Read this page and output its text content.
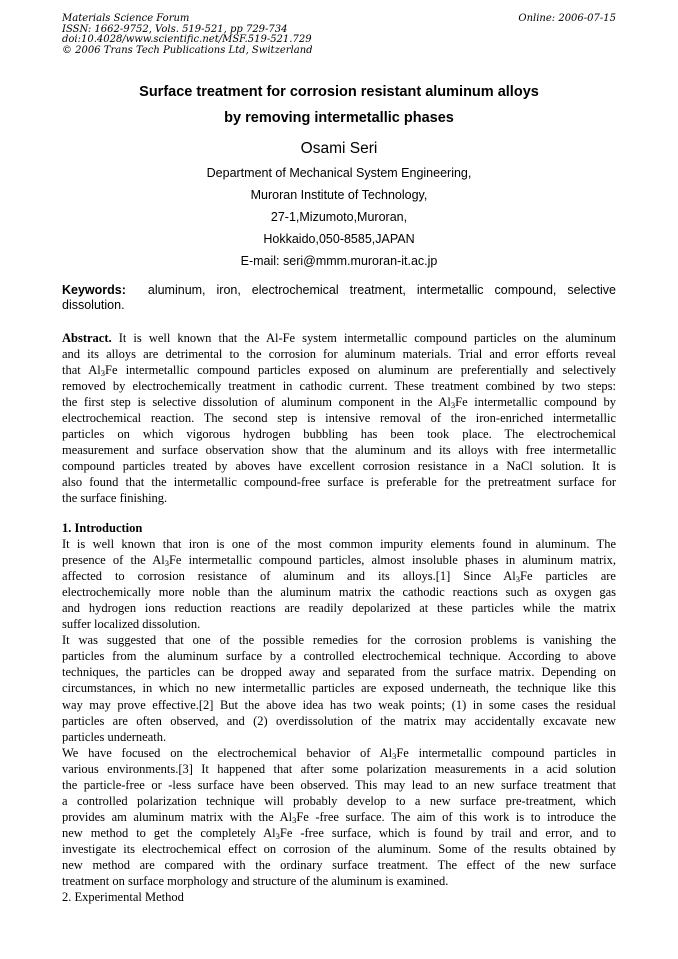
Materials Science Forum
ISSN: 1662-9752, Vols. 519-521, pp 729-734
doi:10.4028/www.scientific.net/MSF.519-521.729
© 2006 Trans Tech Publications Ltd, Switzerland
Online: 2006-07-15
Surface treatment for corrosion resistant aluminum alloys
by removing intermetallic phases
Osami Seri
Department of Mechanical System Engineering,
Muroran Institute of Technology,
27-1,Mizumoto,Muroran,
Hokkaido,050-8585,JAPAN
E-mail: seri@mmm.muroran-it.ac.jp
Keywords: aluminum, iron, electrochemical treatment, intermetallic compound, selective dissolution.
Abstract. It is well known that the Al-Fe system intermetallic compound particles on the aluminum
and its alloys are detrimental to the corrosion for aluminum materials. Trial and error efforts reveal
that $Al_3Fe$ intermetallic compound particles exposed on aluminum are preferentially and selectively
removed by electrochemically treatment in cathodic current. These treatment combined by two steps:
the first step is selective dissolution of aluminum component in the $Al_3Fe$ intermetallic compound by
electrochemical reaction. The second step is intensive removal of the iron-enriched intermetallic
particles on which vigorous hydrogen bubbling has been took place. The electrochemical
measurement and surface observation show that the aluminum and its alloys with free intermetallic
compound particles treated by aboves have excellent corrosion resistance in a NaCl solution. It is
also found that the intermetallic compound-free surface is preferable for the pretreatment surface for
the surface finishing.
1. Introduction
It is well known that iron is one of the most common impurity elements found in aluminum. The
presence of the $Al_3Fe$ intermetallic compound particles, almost insoluble phases in aluminum matrix,
affected to corrosion resistance of aluminum and its alloys.[1] Since $Al_3Fe$ particles are
electrochemically more noble than the aluminum matrix the cathodic reactions such as oxygen gas
and hydrogen ions reduction reactions are readily depolarized at these particles while the matrix
suffer localized dissolution.
It was suggested that one of the possible remedies for the corrosion problems is vanishing the
particles from the aluminum surface by a controlled electrochemical technique. According to above
techniques, the particles can be dropped away and separated from the surface matrix. Depending on
circumstances, in which no new intermetallic particles are exposed underneath, the technique like this
way may prove effective.[2] But the above idea has two weak points; (1) in some cases the residual
particles are often observed, and (2) overdissolution of the matrix may accidentally excavate new
particles underneath.
We have focused on the electrochemical behavior of $Al_3Fe$ intermetallic compound particles in
various environments.[3] It happened that after some polarization measurements in a acid solution
the particle-free or -less surface have been observed. This may lead to an new surface treatment that
a controlled polarization technique will probably develop to a new surface pre-treatment, which
provides am aluminum matrix with the $Al_3Fe$ -free surface. The aim of this work is to introduce the
new method to get the completely $Al_3Fe$ -free surface, which is found by trail and error, and to
investigate its electrochemical effect on corrosion of the aluminum. Some of the results obtained by
new method are compared with the ordinary surface treatment. The effect of the new surface
treatment on surface morphology and structure of the aluminum is examined.
2. Experimental Method
